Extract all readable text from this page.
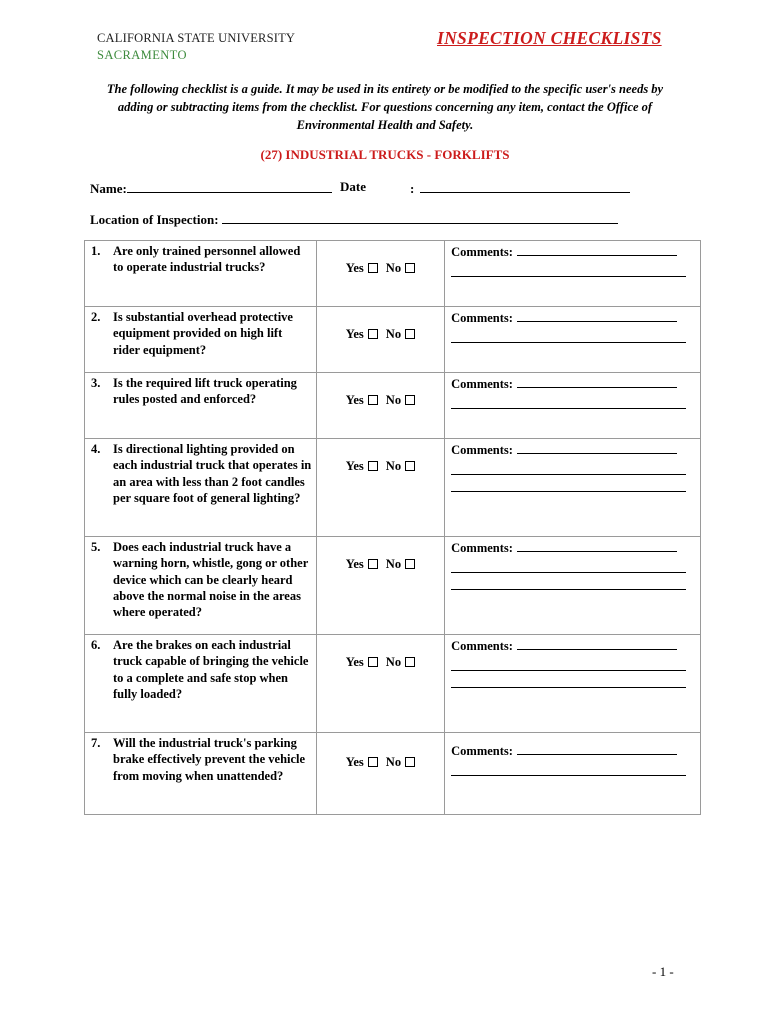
CALIFORNIA STATE UNIVERSITY
SACRAMENTO
INSPECTION CHECKLISTS
The following checklist is a guide. It may be used in its entirety or be modified to the specific user's needs by adding or subtracting items from the checklist. For questions concerning any item, contact the Office of Environmental Health and Safety.
(27) INDUSTRIAL TRUCKS - FORKLIFTS
Name:	Date	:
Location of Inspection:
1. Are only trained personnel allowed to operate industrial trucks?	Yes No	Comments:

2. Is substantial overhead protective equipment provided on high lift rider equipment?	Yes No	Comments:

3. Is the required lift truck operating rules posted and enforced?	Yes No	Comments:

4. Is directional lighting provided on each industrial truck that operates in an area with less than 2 foot candles per square foot of general lighting?	Yes No	Comments:

5. Does each industrial truck have a warning horn, whistle, gong or other device which can be clearly heard above the normal noise in the areas where operated?	Yes No	Comments:

6. Are the brakes on each industrial truck capable of bringing the vehicle to a complete and safe stop when fully loaded?	Yes No	Comments:

7. Will the industrial truck's parking brake effectively prevent the vehicle from moving when unattended?	Yes No	Comments:
- 1 -
